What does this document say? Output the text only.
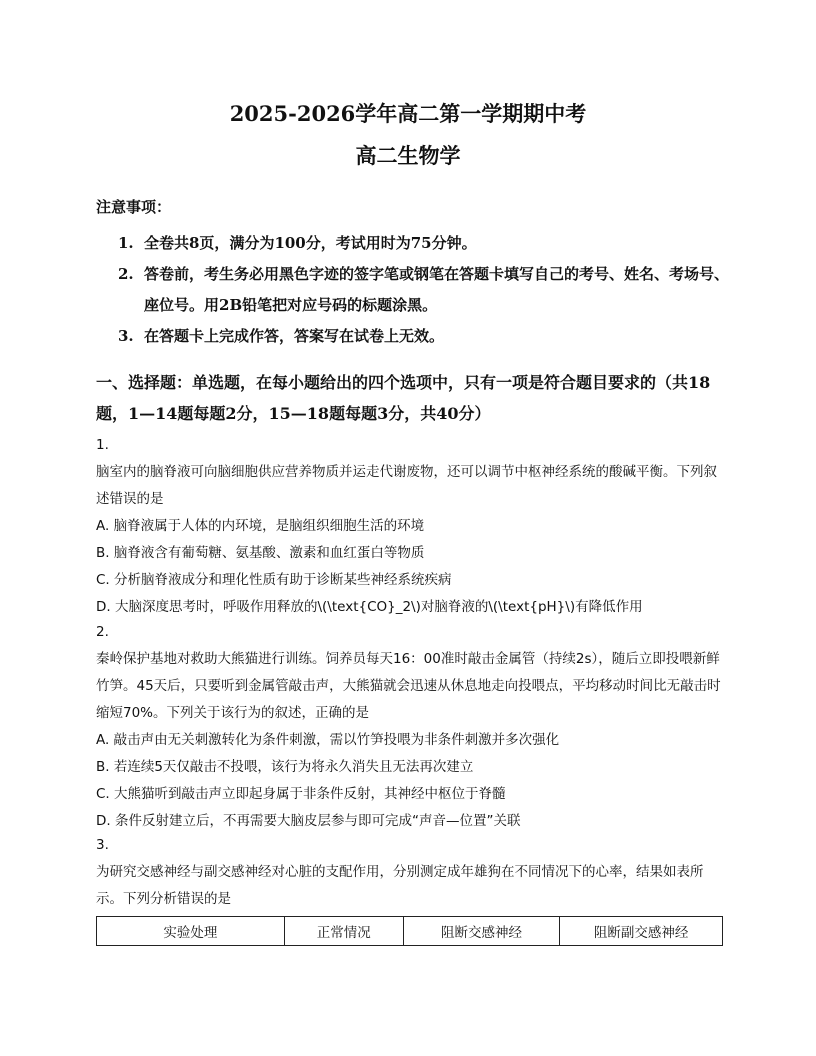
2025-2026学年高二第一学期期中考
高二生物学
注意事项：
1. 全卷共8页，满分为100分，考试用时为75分钟。
2. 答卷前，考生务必用黑色字迹的签字笔或钢笔在答题卡填写自己的考号、姓名、考场号、座位号。用2B铅笔把对应号码的标题涂黑。
3. 在答题卡上完成作答，答案写在试卷上无效。
一、选择题：单选题，在每小题给出的四个选项中，只有一项是符合题目要求的（共18题，1—14题每题2分，15—18题每题3分，共40分）
1.
脑室内的脑脊液可向脑细胞供应营养物质并运走代谢废物，还可以调节中枢神经系统的酸碱平衡。下列叙述错误的是
A. 脑脊液属于人体的内环境，是脑组织细胞生活的环境
B. 脑脊液含有葡萄糖、氨基酸、激素和血红蛋白等物质
C. 分析脑脊液成分和理化性质有助于诊断某些神经系统疾病
D. 大脑深度思考时，呼吸作用释放的\(\text{CO}_2\)对脑脊液的\(\text{pH}\)有降低作用
2.
秦岭保护基地对救助大熊猫进行训练。饲养员每天16：00准时敲击金属管（持续2s），随后立即投喂新鲜竹笋。45天后，只要听到金属管敲击声，大熊猫就会迅速从休息地走向投喂点，平均移动时间比无敲击时缩短70%。下列关于该行为的叙述，正确的是
A. 敲击声由无关刺激转化为条件刺激，需以竹笋投喂为非条件刺激并多次强化
B. 若连续5天仅敲击不投喂，该行为将永久消失且无法再次建立
C. 大熊猫听到敲击声立即起身属于非条件反射，其神经中枢位于脊髓
D. 条件反射建立后，不再需要大脑皮层参与即可完成“声音—位置”关联
3.
为研究交感神经与副交感神经对心脏的支配作用，分别测定成年雄狗在不同情况下的心率，结果如表所示。下列分析错误的是
实验处理	正常情况	阻断交感神经	阻断副交感神经
